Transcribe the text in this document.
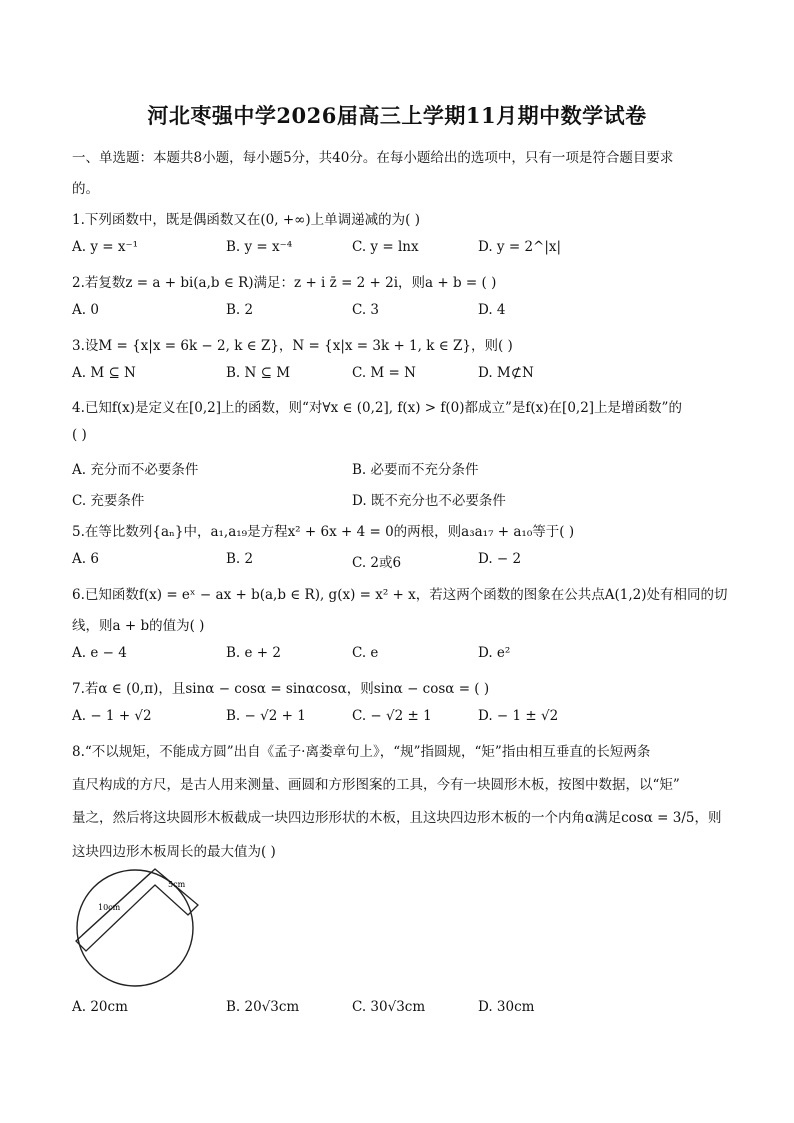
河北枣强中学2026届高三上学期11月期中数学试卷
一、单选题：本题共8小题，每小题5分，共40分。在每小题给出的选项中，只有一项是符合题目要求
的。
1.下列函数中，既是偶函数又在(0, +∞)上单调递减的为( )
A. y = x⁻¹	B. y = x⁻⁴	C. y = lnx	D. y = 2^|x|
2.若复数z = a + bi(a,b ∈ R)满足：z + i z̄ = 2 + 2i，则a + b = ( )
A. 0	B. 2	C. 3	D. 4
3.设M = {x|x = 6k − 2, k ∈ Z}，N = {x|x = 3k + 1, k ∈ Z}，则( )
A. M ⊆ N	B. N ⊆ M	C. M = N	D. M⊄N
4.已知f(x)是定义在[0,2]上的函数，则“对∀x ∈ (0,2], f(x) > f(0)都成立”是f(x)在[0,2]上是增函数”的
( )
A. 充分而不必要条件	B. 必要而不充分条件
C. 充要条件	D. 既不充分也不必要条件
5.在等比数列{aₙ}中，a₁,a₁₉是方程x² + 6x + 4 = 0的两根，则a₃a₁₇ + a₁₀等于( )
A. 6	B. 2	C. 2或6	D. − 2
6.已知函数f(x) = eˣ − ax + b(a,b ∈ R), g(x) = x² + x，若这两个函数的图象在公共点A(1,2)处有相同的切
线，则a + b的值为( )
A. e − 4	B. e + 2	C. e	D. e²
7.若α ∈ (0,π)，且sinα − cosα = sinαcosα，则sinα − cosα = ( )
A. − 1 + √2	B. − √2 + 1	C. − √2 ± 1	D. − 1 ± √2
8.“不以规矩，不能成方圆”出自《孟子·离娄章句上》，“规”指圆规，“矩”指由相互垂直的长短两条
直尺构成的方尺，是古人用来测量、画圆和方形图案的工具，今有一块圆形木板，按图中数据，以“矩”
量之，然后将这块圆形木板截成一块四边形形状的木板，且这块四边形木板的一个内角α满足cosα = 3/5，则
这块四边形木板周长的最大值为( )
10cm
5cm
A. 20cm	B. 20√3cm	C. 30√3cm	D. 30cm
